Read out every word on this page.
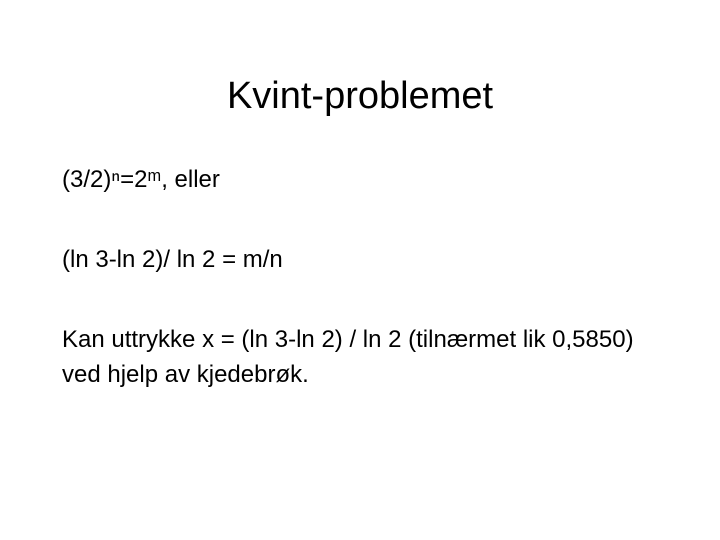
Kvint-problemet
(3/2)ⁿ=2ᵐ, eller
(ln 3-ln 2)/ ln 2 = m/n
Kan uttrykke x = (ln 3-ln 2) / ln 2 (tilnærmet lik 0,5850) ved hjelp av kjedebrøk.
